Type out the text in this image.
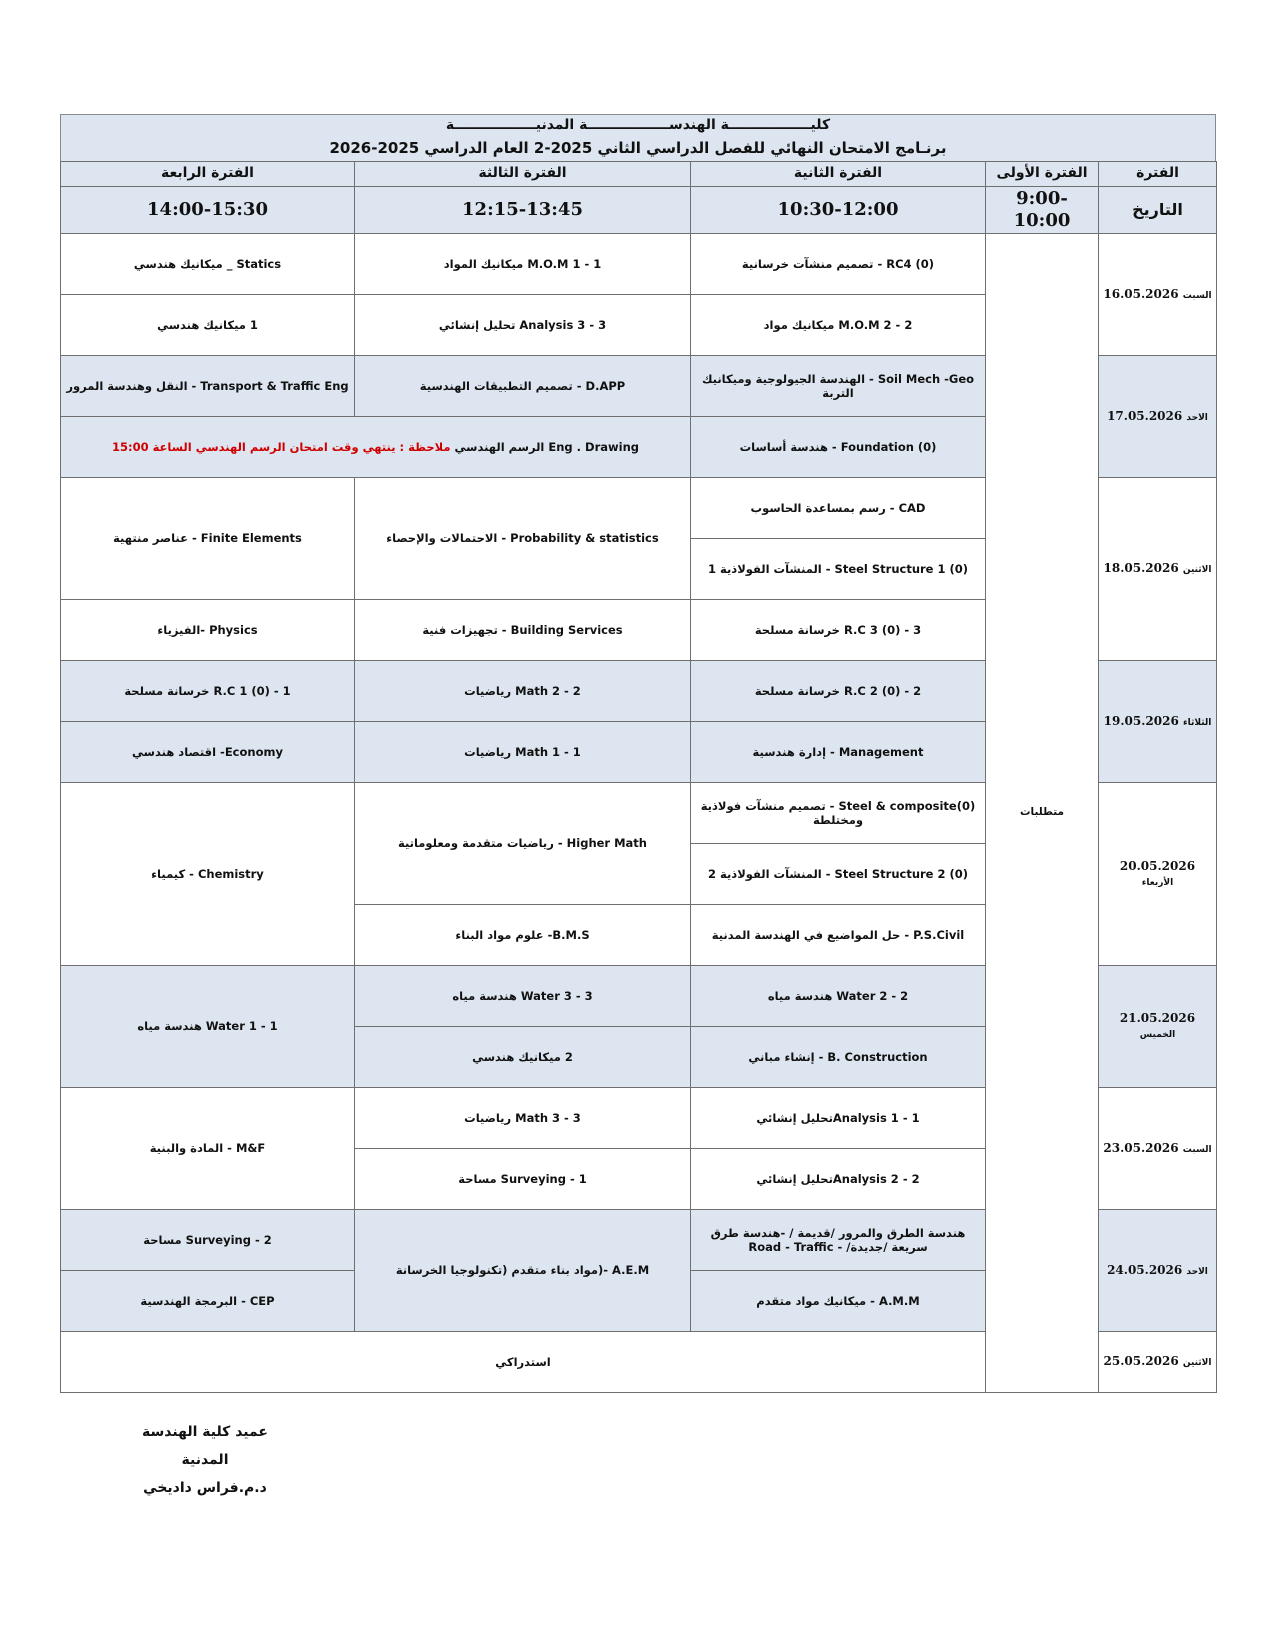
كليـــــــــــــــــة الهندســـــــــــــــــة المدنيـــــــــــــــــة
برنـامج الامتحان النهائي للفصل الدراسي الثاني 2025-2 العام الدراسي 2025-2026
الفترة الرابعة	الفترة الثالثة	الفترة الثانية	الفترة الأولى	الفترة
14:00-15:30	12:15-13:45	10:30-12:00	9:00-10:00	التاريخ
Statics _ ميكانيك هندسي	M.O.M 1 - 1 ميكانيك المواد	RC4 (0) - تصميم منشآت خرسانية	متطلبات	16.05.2026 السبت
1 ميكانيك هندسي	Analysis 3 - 3 تحليل إنشائي	M.O.M 2 - 2 ميكانيك مواد		
Transport & Traffic Eng - النقل وهندسة المرور	D.APP - تصميم التطبيقات الهندسية	Soil Mech -Geo - الهندسة الجيولوجية وميكانيك التربة		17.05.2026 الاحد
Eng . Drawing الرسم الهندسي ملاحظة : ينتهي وقت امتحان الرسم الهندسي الساعة 15:00		Foundation (0) - هندسة أساسات		
Finite Elements - عناصر منتهية	Probability & statistics - الاحتمالات والإحصاء	CAD - رسم بمساعدة الحاسوب		18.05.2026 الاثنين
		Steel Structure 1 (0) - المنشآت الفولاذية 1		
Physics -الفيزياء	Building Services - تجهيزات فنية	R.C 3 (0) - 3 خرسانة مسلحة		
R.C 1 (0) - 1 خرسانة مسلحة	Math 2 - 2 رياضيات	R.C 2 (0) - 2 خرسانة مسلحة		19.05.2026 الثلاثاء
Economy- اقتصاد هندسي	Math 1 - 1 رياضيات	Management - إدارة هندسية		
Chemistry - كيمياء	Higher Math - رياضيات متقدمة ومعلوماتية	(0)Steel & composite - تصميم منشآت فولاذية ومختلطة		20.05.2026 الأربعاء
		Steel Structure 2 (0) - المنشآت الفولاذية 2		
	B.M.S- علوم مواد البناء	P.S.Civil - حل المواضيع في الهندسة المدنية		
Water 1 - 1 هندسة مياه	Water 3 - 3 هندسة مياه	Water 2 - 2 هندسة مياه		21.05.2026 الخميس
	2 ميكانيك هندسي	B. Construction - إنشاء مباني		
M&F - المادة والبنية	Math 3 - 3 رياضيات	Analysis 1 - 1تحليل إنشائي		23.05.2026 السبت
	Surveying - 1 مساحة	Analysis 2 - 2تحليل إنشائي		
Surveying - 2 مساحة	A.E.M -(مواد بناء متقدم (تكنولوجيا الخرسانة	هندسة الطرق والمرور /قديمة / -هندسة طرق سريعة /جديدة/ - Road - Traffic		24.05.2026 الاحد
CEP - البرمجة الهندسية		A.M.M - ميكانيك مواد متقدم		
استدراكي				25.05.2026 الاثنين
عميد كلية الهندسة المدنية
د.م.فراس داديخي
